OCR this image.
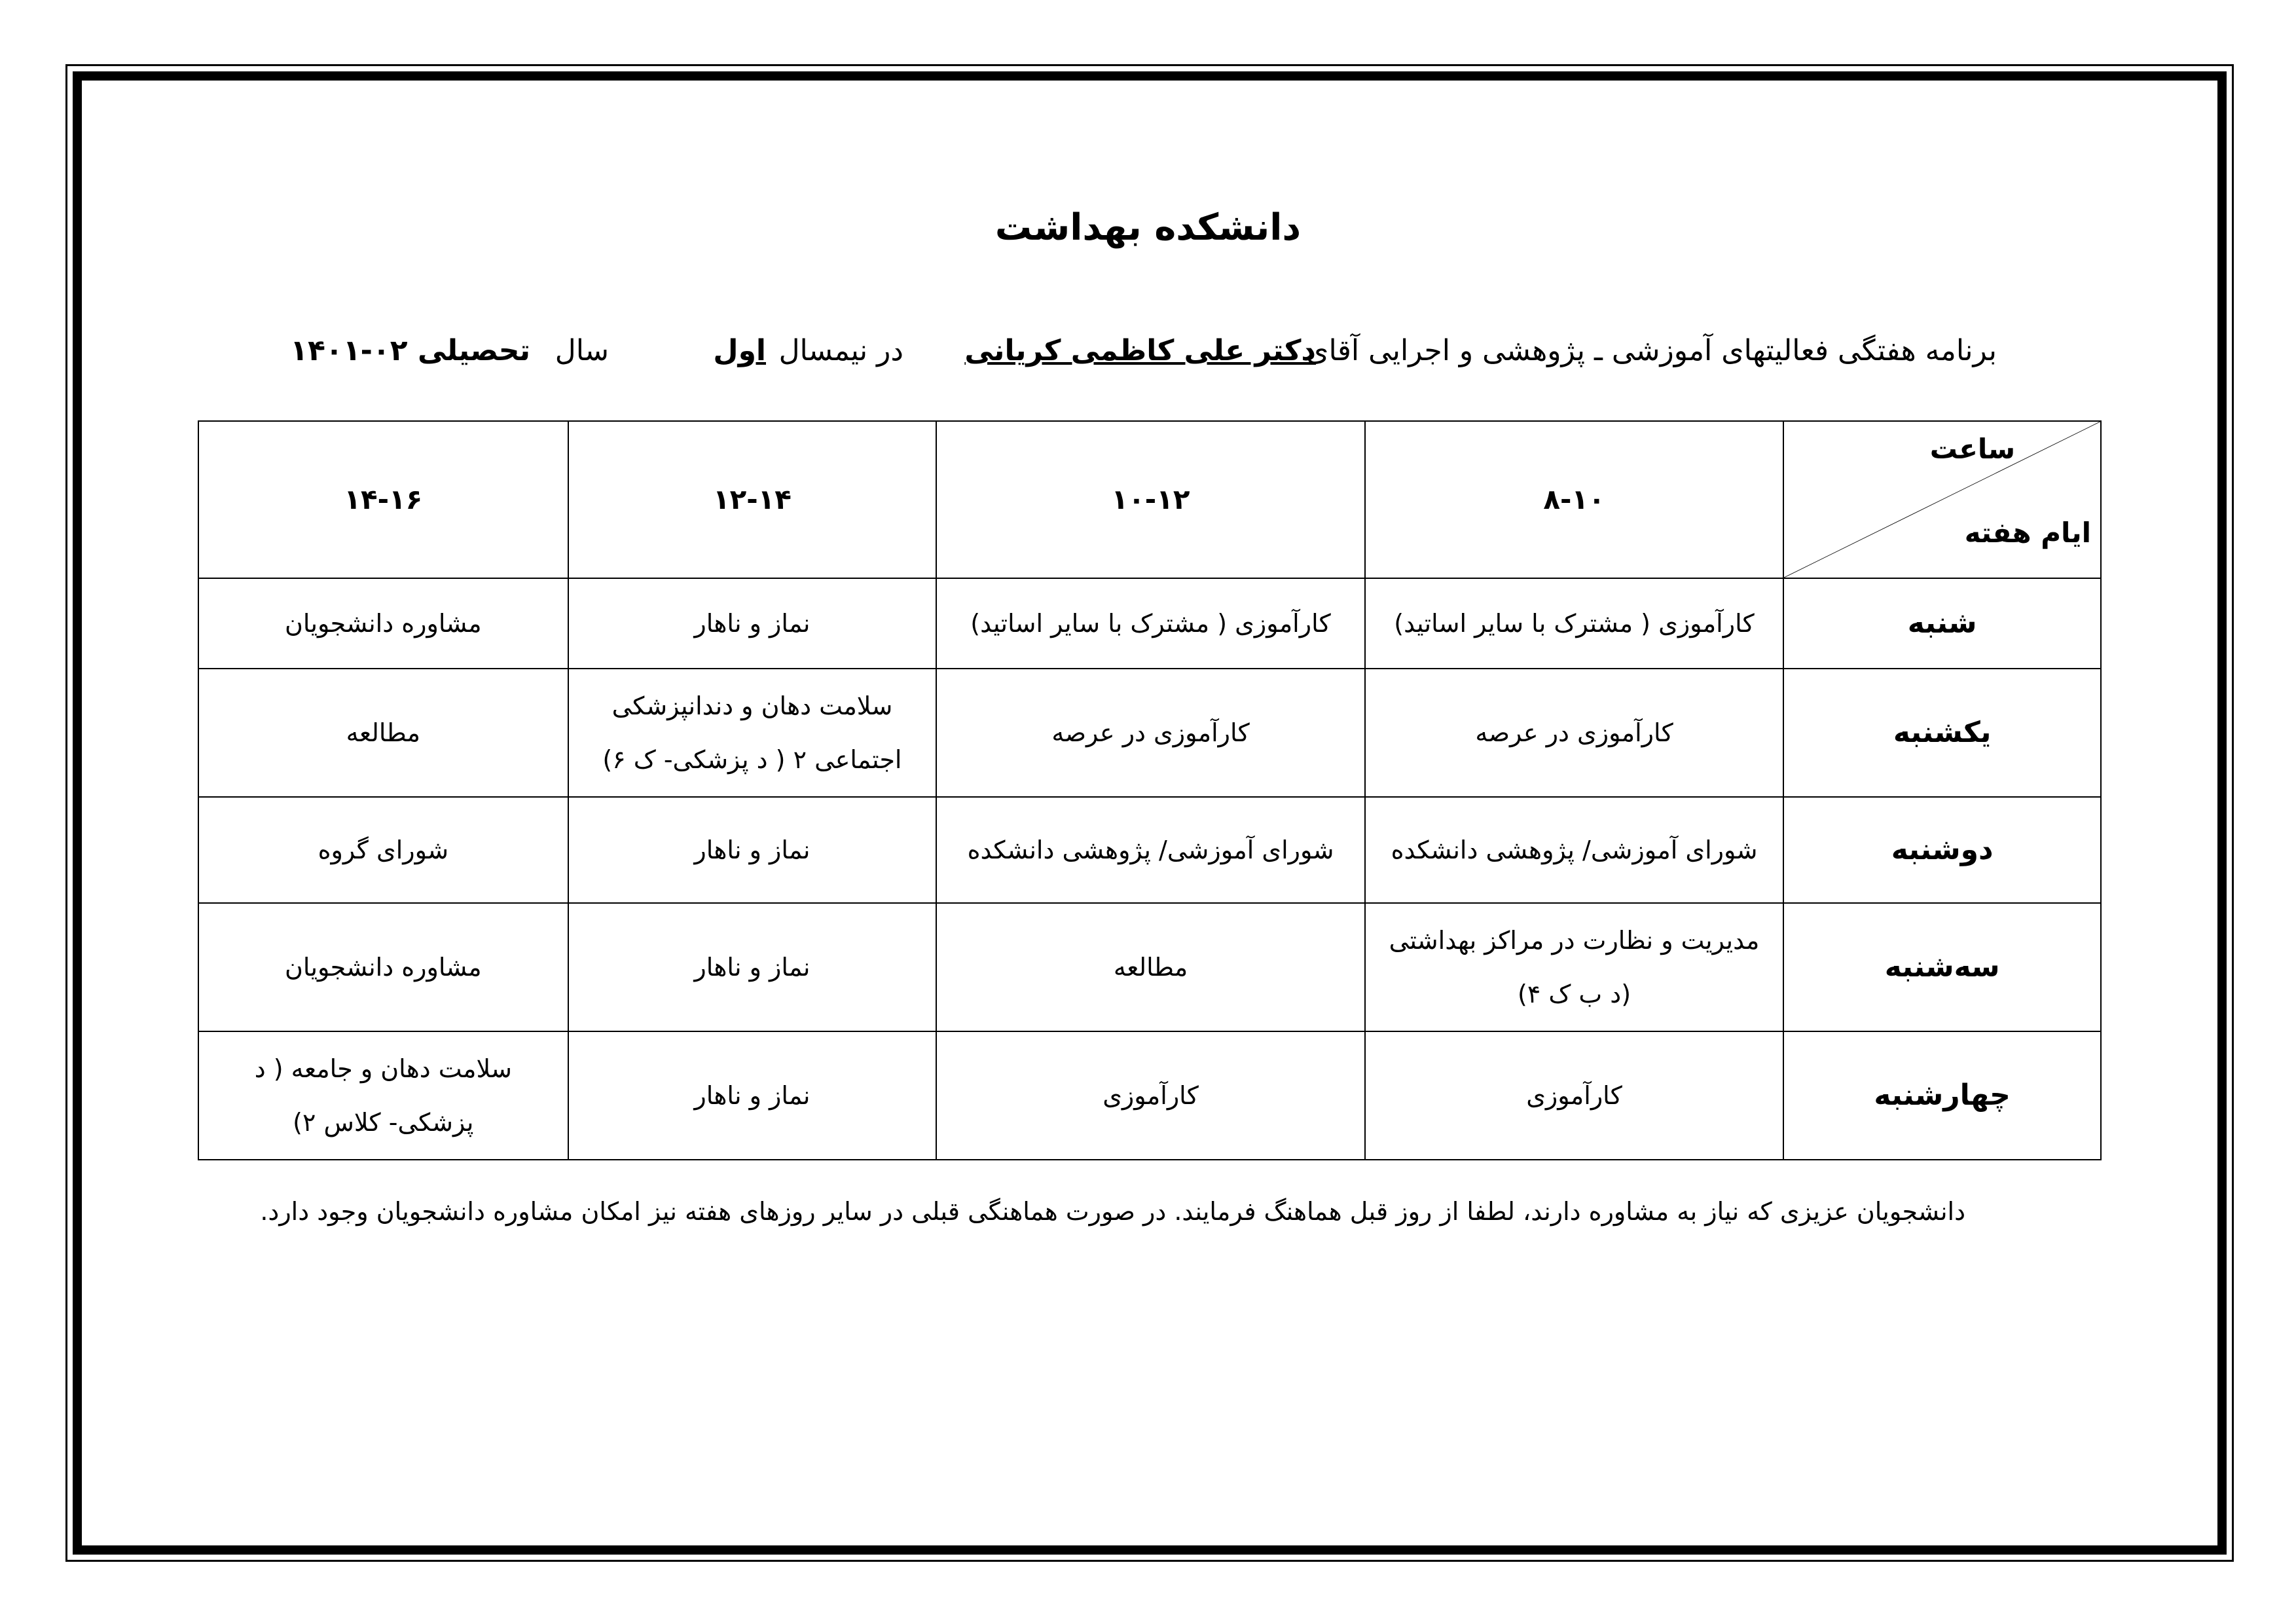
دانشکده بهداشت
برنامه هفتگی فعالیتهای آموزشی ـ پژوهشی و اجرایی آقای
دکتر علی کاظمی کریانی
در نیمسال
اول
سال
تحصیلی ۰۲-۱۴۰۱
ساعت
ایام هفته	۸-۱۰	۱۰-۱۲	۱۲-۱۴	۱۴-۱۶
شنبه	کارآموزی ( مشترک با سایر اساتید)	کارآموزی ( مشترک با سایر اساتید)	نماز و ناهار	مشاوره دانشجویان
یکشنبه	کارآموزی در عرصه	کارآموزی در عرصه	سلامت دهان و دندانپزشکی اجتماعی ۲ ( د پزشکی- ک ۶)	مطالعه
دوشنبه	شورای آموزشی/ پژوهشی دانشکده	شورای آموزشی/ پژوهشی دانشکده	نماز و ناهار	شورای گروه
سه‌شنبه	مدیریت و نظارت در مراکز بهداشتی (د ب ک ۴)	مطالعه	نماز و ناهار	مشاوره دانشجویان
چهارشنبه	کارآموزی	کارآموزی	نماز و ناهار	سلامت دهان و جامعه ( د پزشکی- کلاس ۲)
دانشجویان عزیزی که نیاز به مشاوره دارند، لطفا از روز قبل هماهنگ فرمایند. در صورت هماهنگی قبلی در سایر روزهای هفته نیز امکان مشاوره دانشجویان وجود دارد.
